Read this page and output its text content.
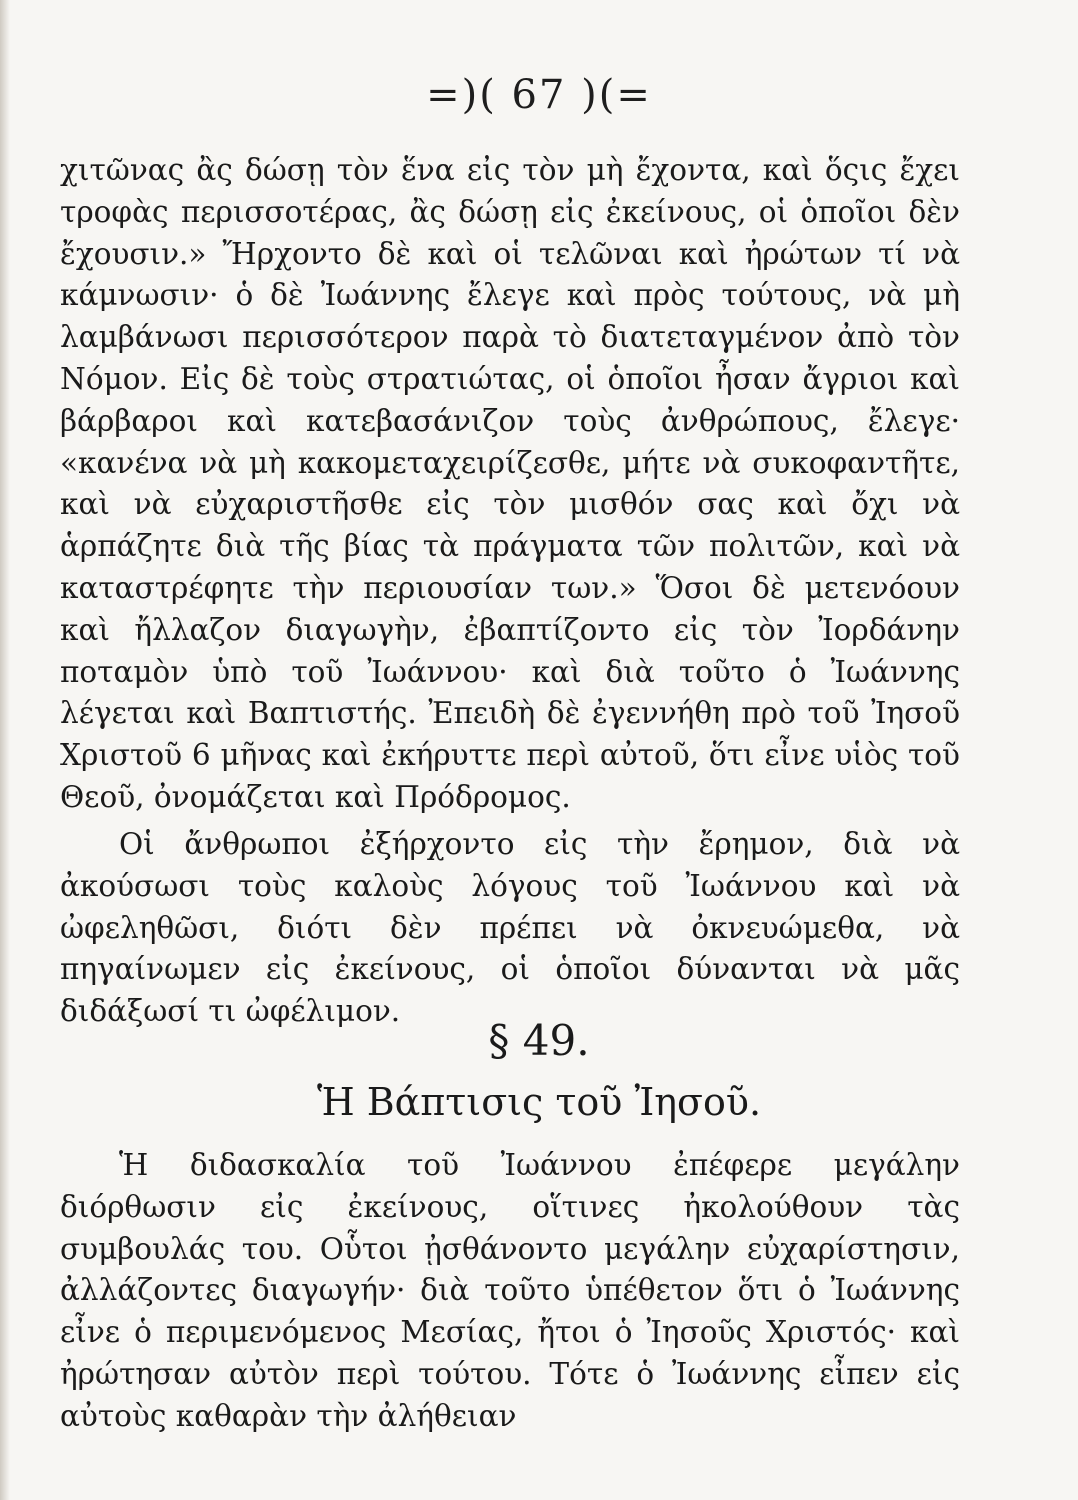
=)( 67 )(=

χιτῶνας ἂς δώσῃ τὸν ἕνα εἰς τὸν μὴ ἔχοντα, καὶ ὅςις ἔχει τροφὰς περισσοτέρας, ἂς δώσῃ εἰς ἐκείνους, οἱ ὁποῖοι δὲν ἔχουσιν.» Ἤρχοντο δὲ καὶ οἱ τελῶναι καὶ ἠρώτων τί νὰ κάμνωσιν· ὁ δὲ Ἰωάννης ἔλεγε καὶ πρὸς τούτους, νὰ μὴ λαμβάνωσι περισσότερον παρὰ τὸ διατεταγμένον ἀπὸ τὸν Νόμον. Εἰς δὲ τοὺς στρατιώτας, οἱ ὁποῖοι ἦσαν ἄγριοι καὶ βάρβαροι καὶ κατεβασάνιζον τοὺς ἀνθρώπους, ἔλεγε· «κανένα νὰ μὴ κακομεταχειρίζεσθε, μήτε νὰ συκοφαντῆτε, καὶ νὰ εὐχαριστῆσθε εἰς τὸν μισθόν σας καὶ ὄχι νὰ ἁρπάζητε διὰ τῆς βίας τὰ πράγματα τῶν πολιτῶν, καὶ νὰ καταστρέφητε τὴν περιουσίαν των.» Ὅσοι δὲ μετενόουν καὶ ἤλλαζον διαγωγὴν, ἐβαπτίζοντο εἰς τὸν Ἰορδάνην ποταμὸν ὑπὸ τοῦ Ἰωάννου· καὶ διὰ τοῦτο ὁ Ἰωάννης λέγεται καὶ Βαπτιστής. Ἐπειδὴ δὲ ἐγεννήθη πρὸ τοῦ Ἰησοῦ Χριστοῦ 6 μῆνας καὶ ἐκήρυττε περὶ αὐτοῦ, ὅτι εἶνε υἱὸς τοῦ Θεοῦ, ὀνομάζεται καὶ Πρόδρομος.

Οἱ ἄνθρωποι ἐξήρχοντο εἰς τὴν ἔρημον, διὰ νὰ ἀκούσωσι τοὺς καλοὺς λόγους τοῦ Ἰωάννου καὶ νὰ ὠφεληθῶσι, διότι δὲν πρέπει νὰ ὀκνευώμεθα, νὰ πηγαίνωμεν εἰς ἐκείνους, οἱ ὁποῖοι δύνανται νὰ μᾶς διδάξωσί τι ὠφέλιμον.

§ 49.
Ἡ Βάπτισις τοῦ Ἰησοῦ.

Ἡ διδασκαλία τοῦ Ἰωάννου ἐπέφερε μεγάλην διόρθωσιν εἰς ἐκείνους, οἵτινες ἠκολούθουν τὰς συμβουλάς του. Οὗτοι ᾐσθάνοντο μεγάλην εὐχαρίστησιν, ἀλλάζοντες διαγωγήν· διὰ τοῦτο ὑπέθετον ὅτι ὁ Ἰωάννης εἶνε ὁ περιμενόμενος Μεσίας, ἤτοι ὁ Ἰησοῦς Χριστός· καὶ ἠρώτησαν αὐτὸν περὶ τούτου. Τότε ὁ Ἰωάννης εἶπεν εἰς αὐτοὺς καθαρὰν τὴν ἀλήθειαν
